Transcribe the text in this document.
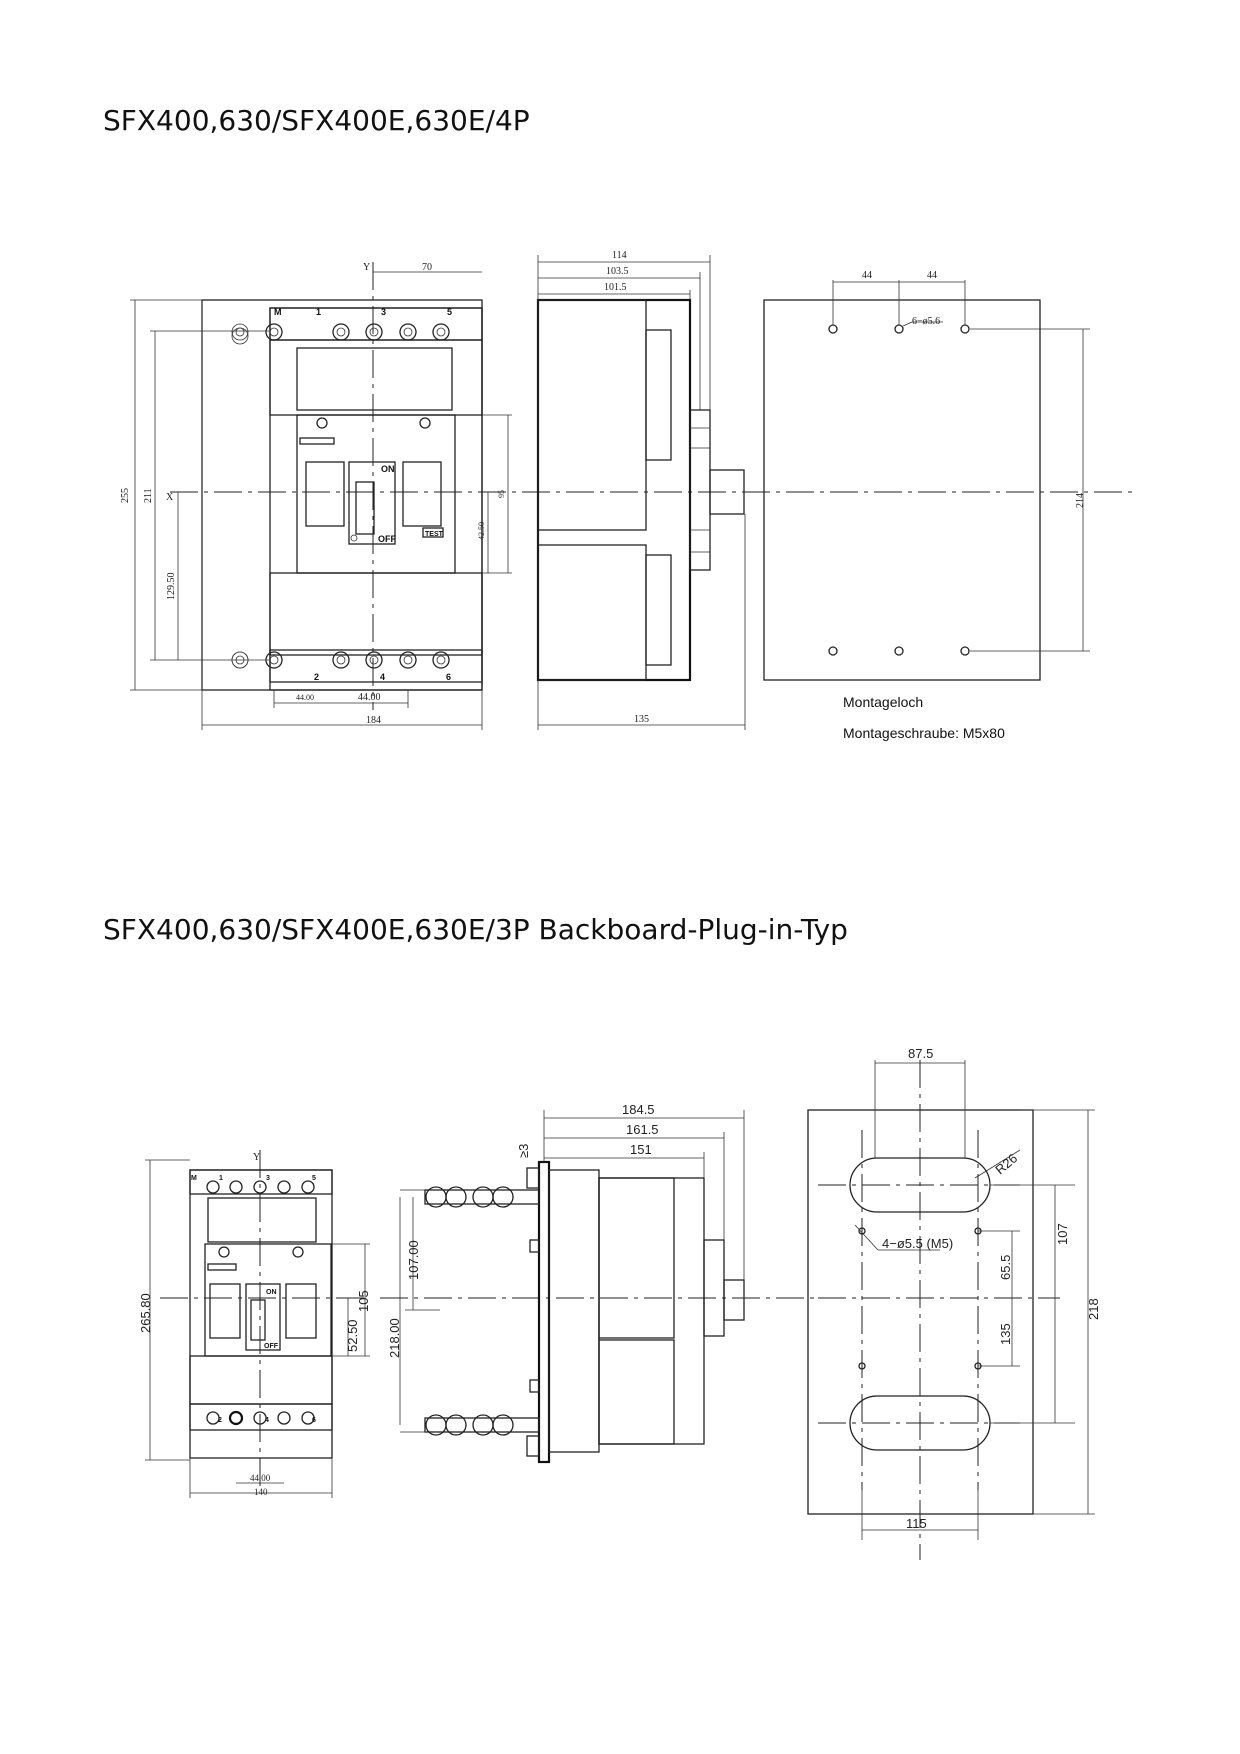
SFX400,630/SFX400E,630E/4P
SFX400,630/SFX400E,630E/3P Backboard-Plug-in-Typ
M	1	3	5
2	4	6
ON
OFF	TEST
70
Y
X
255 211
129.50
184
44.00	44.00
95
42.50
114
103.5
101.5
135
44	44
6−ø5.6
214
Montageloch
Montageschraube: M5x80
M	1	3	5
2	4	6
ON
OFF
Y
265.80	105
52.50
44.00
140
184.5
161.5
151
≥3
107.00
218.00
87.5
R26
4−ø5.5 (M5)
65.5
135
107
218
115
